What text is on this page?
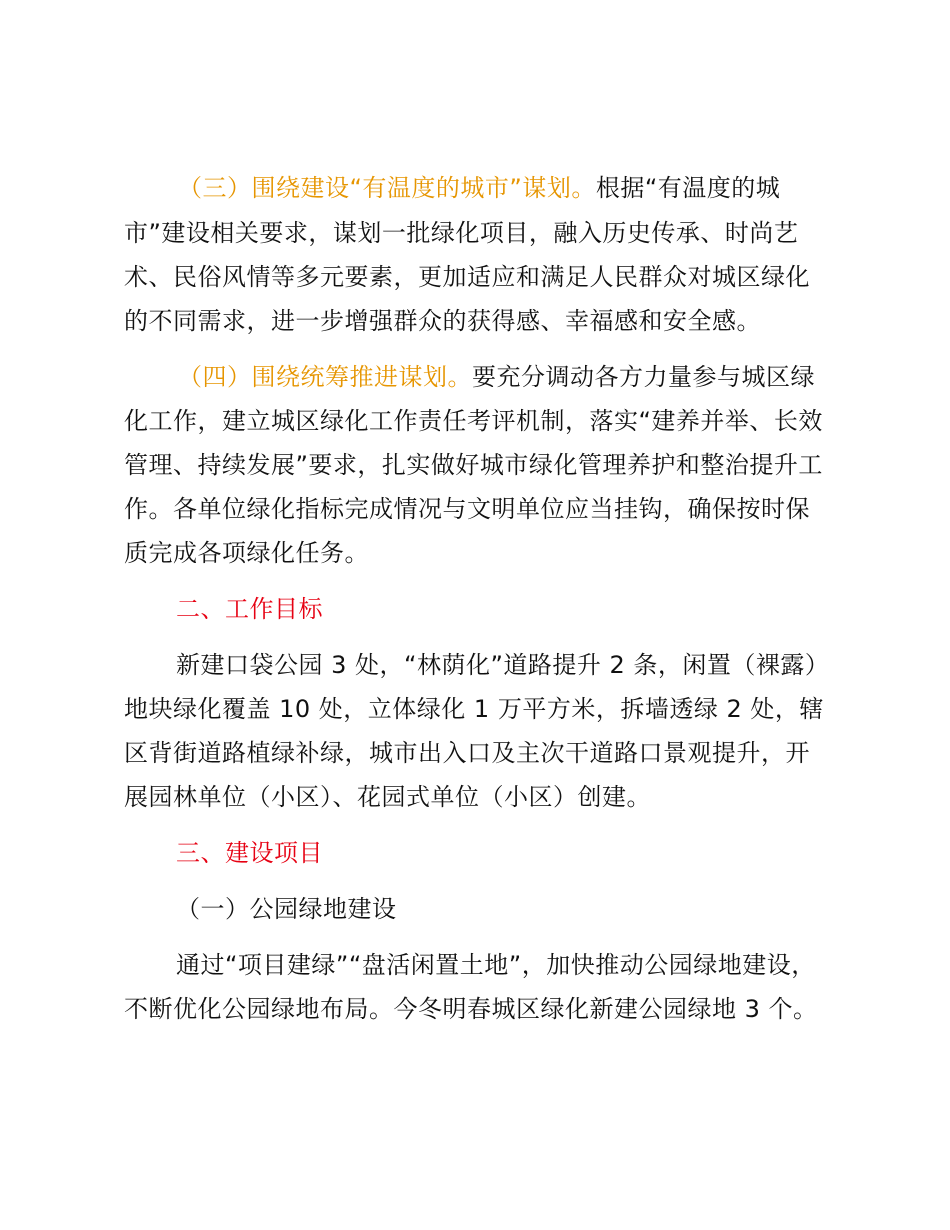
（三）围绕建设“有温度的城市”谋划。根据“有温度的城
市”建设相关要求，谋划一批绿化项目，融入历史传承、时尚艺
术、民俗风情等多元要素，更加适应和满足人民群众对城区绿化
的不同需求，进一步增强群众的获得感、幸福感和安全感。
（四）围绕统筹推进谋划。要充分调动各方力量参与城区绿
化工作，建立城区绿化工作责任考评机制，落实“建养并举、长效
管理、持续发展”要求，扎实做好城市绿化管理养护和整治提升工
作。各单位绿化指标完成情况与文明单位应当挂钩，确保按时保
质完成各项绿化任务。
二、工作目标
新建口袋公园 3 处，“林荫化”道路提升 2 条，闲置（裸露）
地块绿化覆盖 10 处，立体绿化 1 万平方米，拆墙透绿 2 处，辖
区背街道路植绿补绿，城市出入口及主次干道路口景观提升，开
展园林单位（小区）、花园式单位（小区）创建。
三、建设项目
（一）公园绿地建设
通过“项目建绿”“盘活闲置土地”，加快推动公园绿地建设，
不断优化公园绿地布局。今冬明春城区绿化新建公园绿地 3 个。
